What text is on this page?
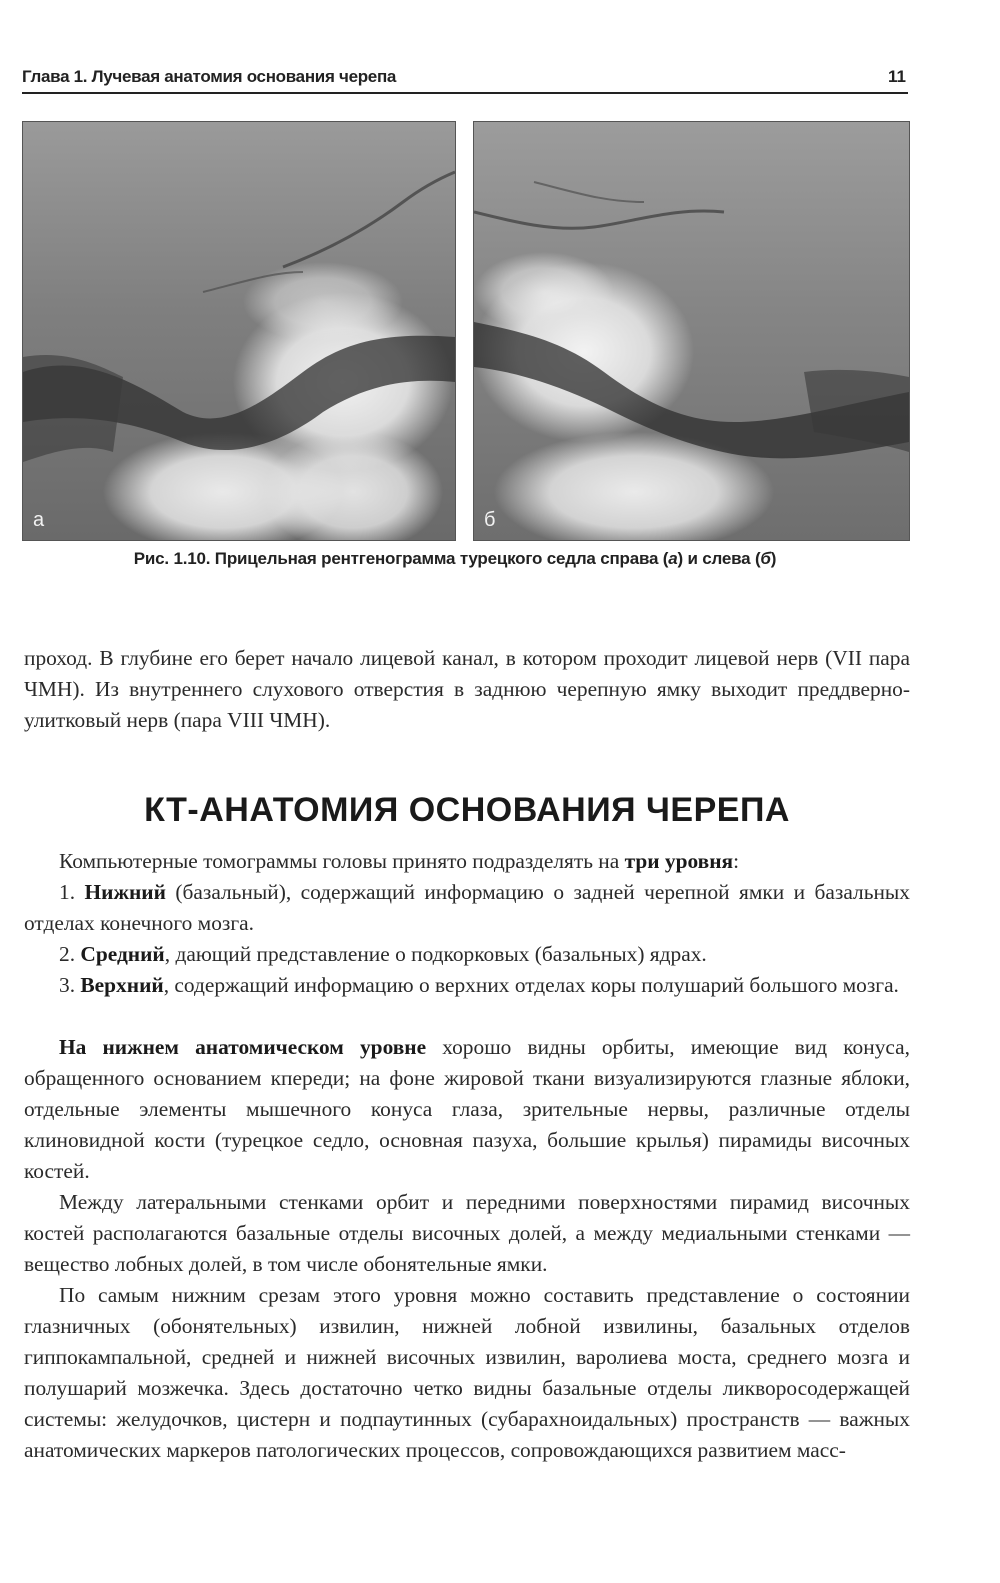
Глава 1. Лучевая анатомия основания черепа	11
а	б
Рис. 1.10. Прицельная рентгенограмма турецкого седла справа (а) и слева (б)

проход. В глубине его берет начало лицевой канал, в котором проходит лицевой нерв (VII пара ЧМН). Из внутреннего слухового отверстия в заднюю черепную ямку выходит преддверно-улитковый нерв (пара VIII ЧМН).

КТ-АНАТОМИЯ ОСНОВАНИЯ ЧЕРЕПА

Компьютерные томограммы головы принято подразделять на три уровня:

1. Нижний (базальный), содержащий информацию о задней черепной ямки и базальных отделах конечного мозга.

2. Средний, дающий представление о подкорковых (базальных) ядрах.

3. Верхний, содержащий информацию о верхних отделах коры полушарий большого мозга.

На нижнем анатомическом уровне хорошо видны орбиты, имеющие вид конуса, обращенного основанием кпереди; на фоне жировой ткани визуализируются глазные яблоки, отдельные элементы мышечного конуса глаза, зрительные нервы, различные отделы клиновидной кости (турецкое седло, основная пазуха, большие крылья) пирамиды височных костей.

Между латеральными стенками орбит и передними поверхностями пирамид височных костей располагаются базальные отделы височных долей, а между медиальными стенками — вещество лобных долей, в том числе обонятельные ямки.

По самым нижним срезам этого уровня можно составить представление о состоянии глазничных (обонятельных) извилин, нижней лобной извилины, базальных отделов гиппокампальной, средней и нижней височных извилин, варолиева моста, среднего мозга и полушарий мозжечка. Здесь достаточно четко видны базальные отделы ликворосодержащей системы: желудочков, цистерн и подпаутинных (субарахноидальных) пространств — важных анатомических маркеров патологических процессов, сопровождающихся развитием масс-
